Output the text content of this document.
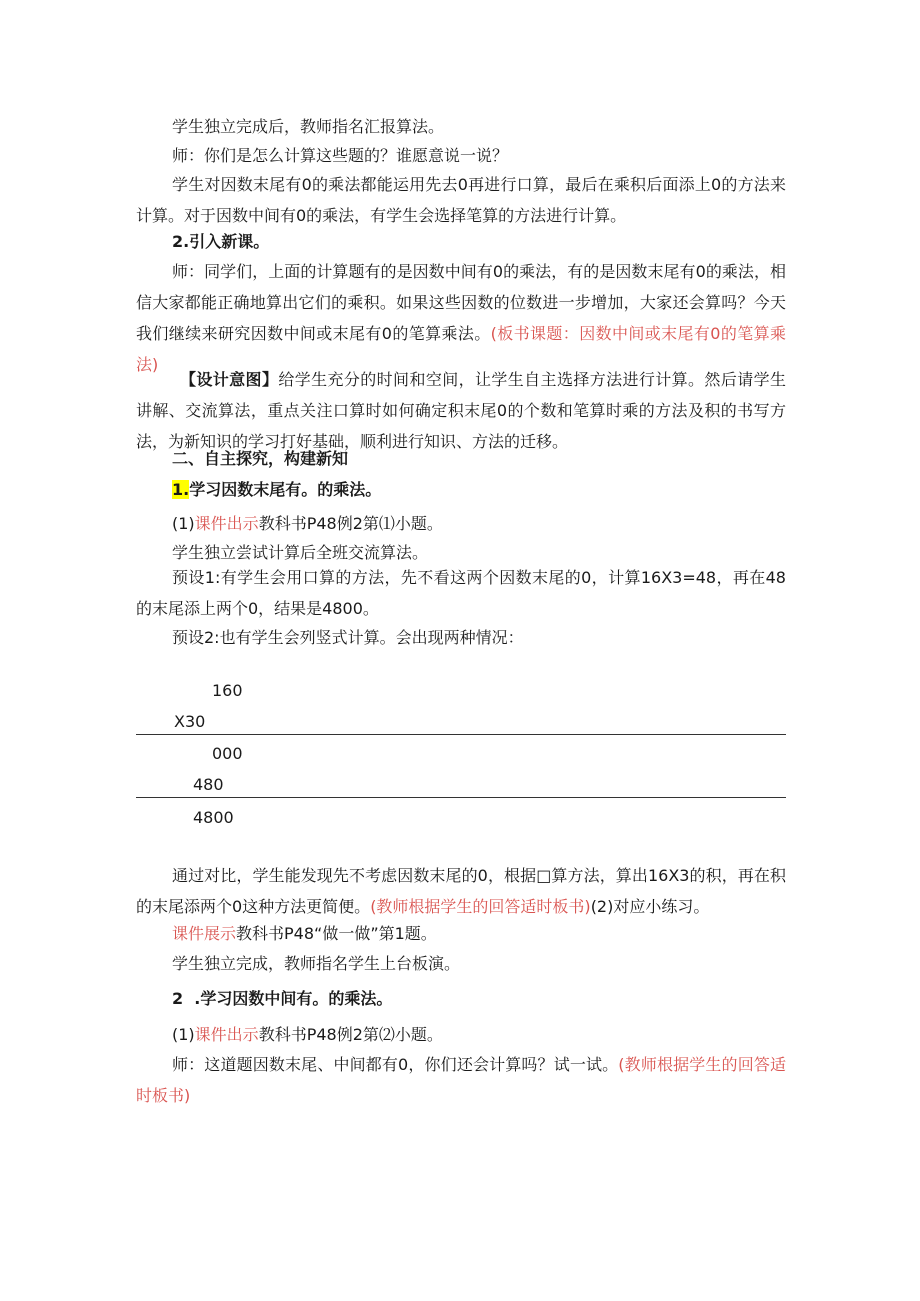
学生独立完成后，教师指名汇报算法。

师：你们是怎么计算这些题的？谁愿意说一说？

学生对因数末尾有0的乘法都能运用先去0再进行口算，最后在乘积后面添上0的方法来计算。对于因数中间有0的乘法，有学生会选择笔算的方法进行计算。

2.引入新课。

师：同学们，上面的计算题有的是因数中间有0的乘法，有的是因数末尾有0的乘法，相信大家都能正确地算出它们的乘积。如果这些因数的位数进一步增加，大家还会算吗？今天我们继续来研究因数中间或末尾有0的笔算乘法。(板书课题：因数中间或末尾有0的笔算乘法)

【设计意图】给学生充分的时间和空间，让学生自主选择方法进行计算。然后请学生讲解、交流算法，重点关注口算时如何确定积末尾0的个数和笔算时乘的方法及积的书写方法，为新知识的学习打好基础，顺利进行知识、方法的迁移。

二、自主探究，构建新知

1.学习因数末尾有。的乘法。

(1)课件出示教科书P48例2第⑴小题。

学生独立尝试计算后全班交流算法。

预设1:有学生会用口算的方法，先不看这两个因数末尾的0，计算16X3=48，再在48的末尾添上两个0，结果是4800。

预设2:也有学生会列竖式计算。会出现两种情况：

160

X30

000

480

4800

通过对比，学生能发现先不考虑因数末尾的0，根据□算方法，算出16X3的积，再在积的末尾添两个0这种方法更简便。(教师根据学生的回答适时板书)(2)对应小练习。

课件展示教科书P48“做一做”第1题。

学生独立完成，教师指名学生上台板演。

2  .学习因数中间有。的乘法。

(1)课件出示教科书P48例2第⑵小题。

师：这道题因数末尾、中间都有0，你们还会计算吗？试一试。(教师根据学生的回答适时板书)
